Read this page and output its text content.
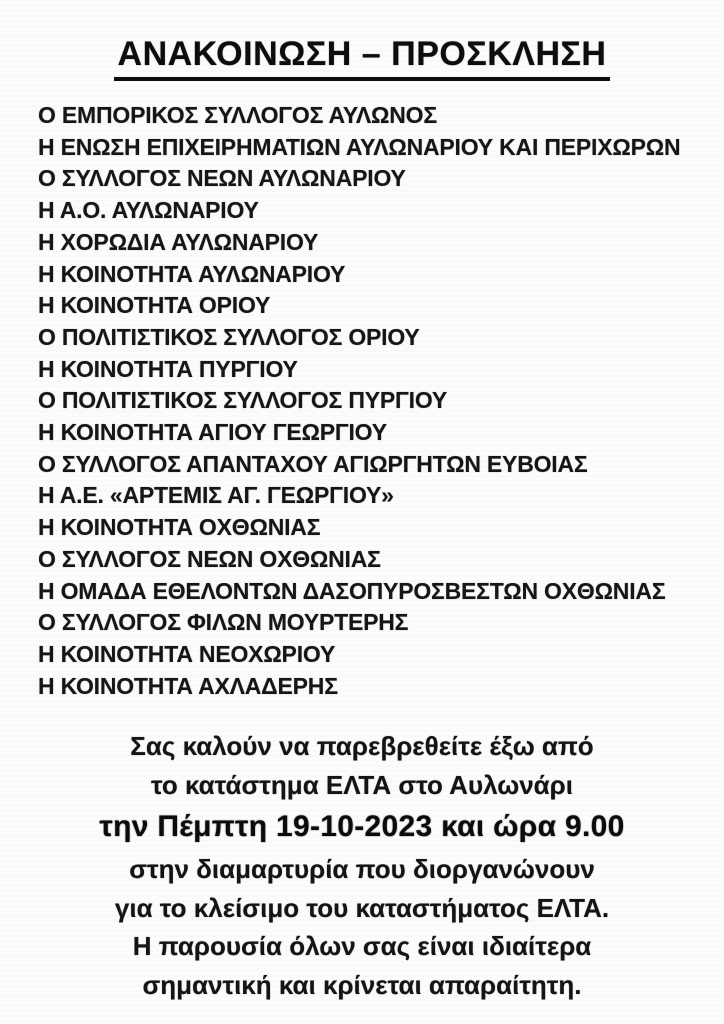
ΑΝΑΚΟΙΝΩΣΗ – ΠΡΟΣΚΛΗΣΗ
Ο ΕΜΠΟΡΙΚΟΣ ΣΥΛΛΟΓΟΣ ΑΥΛΩΝΟΣ
Η ΕΝΩΣΗ ΕΠΙΧΕΙΡΗΜΑΤΙΩΝ ΑΥΛΩΝΑΡΙΟΥ ΚΑΙ ΠΕΡΙΧΩΡΩΝ
Ο ΣΥΛΛΟΓΟΣ ΝΕΩΝ ΑΥΛΩΝΑΡΙΟΥ
Η Α.Ο. ΑΥΛΩΝΑΡΙΟΥ
Η ΧΟΡΩΔΙΑ ΑΥΛΩΝΑΡΙΟΥ
Η ΚΟΙΝΟΤΗΤΑ ΑΥΛΩΝΑΡΙΟΥ
Η ΚΟΙΝΟΤΗΤΑ ΟΡΙΟΥ
Ο ΠΟΛΙΤΙΣΤΙΚΟΣ ΣΥΛΛΟΓΟΣ ΟΡΙΟΥ
Η ΚΟΙΝΟΤΗΤΑ ΠΥΡΓΙΟΥ
Ο ΠΟΛΙΤΙΣΤΙΚΟΣ ΣΥΛΛΟΓΟΣ ΠΥΡΓΙΟΥ
Η ΚΟΙΝΟΤΗΤΑ ΑΓΙΟΥ ΓΕΩΡΓΙΟΥ
Ο ΣΥΛΛΟΓΟΣ ΑΠΑΝΤΑΧΟΥ ΑΓΙΩΡΓΗΤΩΝ ΕΥΒΟΙΑΣ
Η Α.Ε. «ΑΡΤΕΜΙΣ ΑΓ. ΓΕΩΡΓΙΟΥ»
Η ΚΟΙΝΟΤΗΤΑ ΟΧΘΩΝΙΑΣ
Ο ΣΥΛΛΟΓΟΣ ΝΕΩΝ ΟΧΘΩΝΙΑΣ
Η ΟΜΑΔΑ ΕΘΕΛΟΝΤΩΝ ΔΑΣΟΠΥΡΟΣΒΕΣΤΩΝ ΟΧΘΩΝΙΑΣ
Ο ΣΥΛΛΟΓΟΣ ΦΙΛΩΝ ΜΟΥΡΤΕΡΗΣ
Η ΚΟΙΝΟΤΗΤΑ ΝΕΟΧΩΡΙΟΥ
Η ΚΟΙΝΟΤΗΤΑ ΑΧΛΑΔΕΡΗΣ
Σας καλούν να παρεβρεθείτε έξω από
το κατάστημα ΕΛΤΑ στο Αυλωνάρι
την Πέμπτη 19-10-2023 και ώρα 9.00
στην διαμαρτυρία που διοργανώνουν
για το κλείσιμο του καταστήματος ΕΛΤΑ.
Η παρουσία όλων σας είναι ιδιαίτερα
σημαντική και κρίνεται απαραίτητη.
